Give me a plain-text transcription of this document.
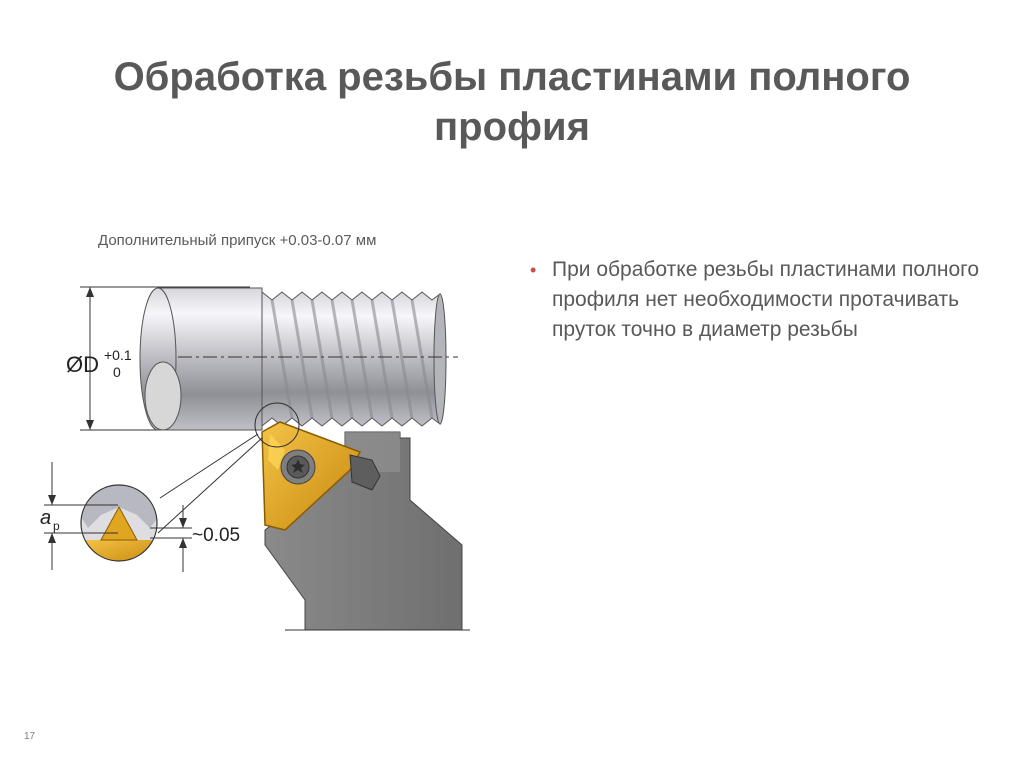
Обработка резьбы пластинами полного
профия
Дополнительный припуск +0.03-0.07 мм
ØD +0.1
0
a p	~0.05
• При обработке резьбы пластинами полного профиля нет необходимости протачивать пруток точно в диаметр резьбы
17
